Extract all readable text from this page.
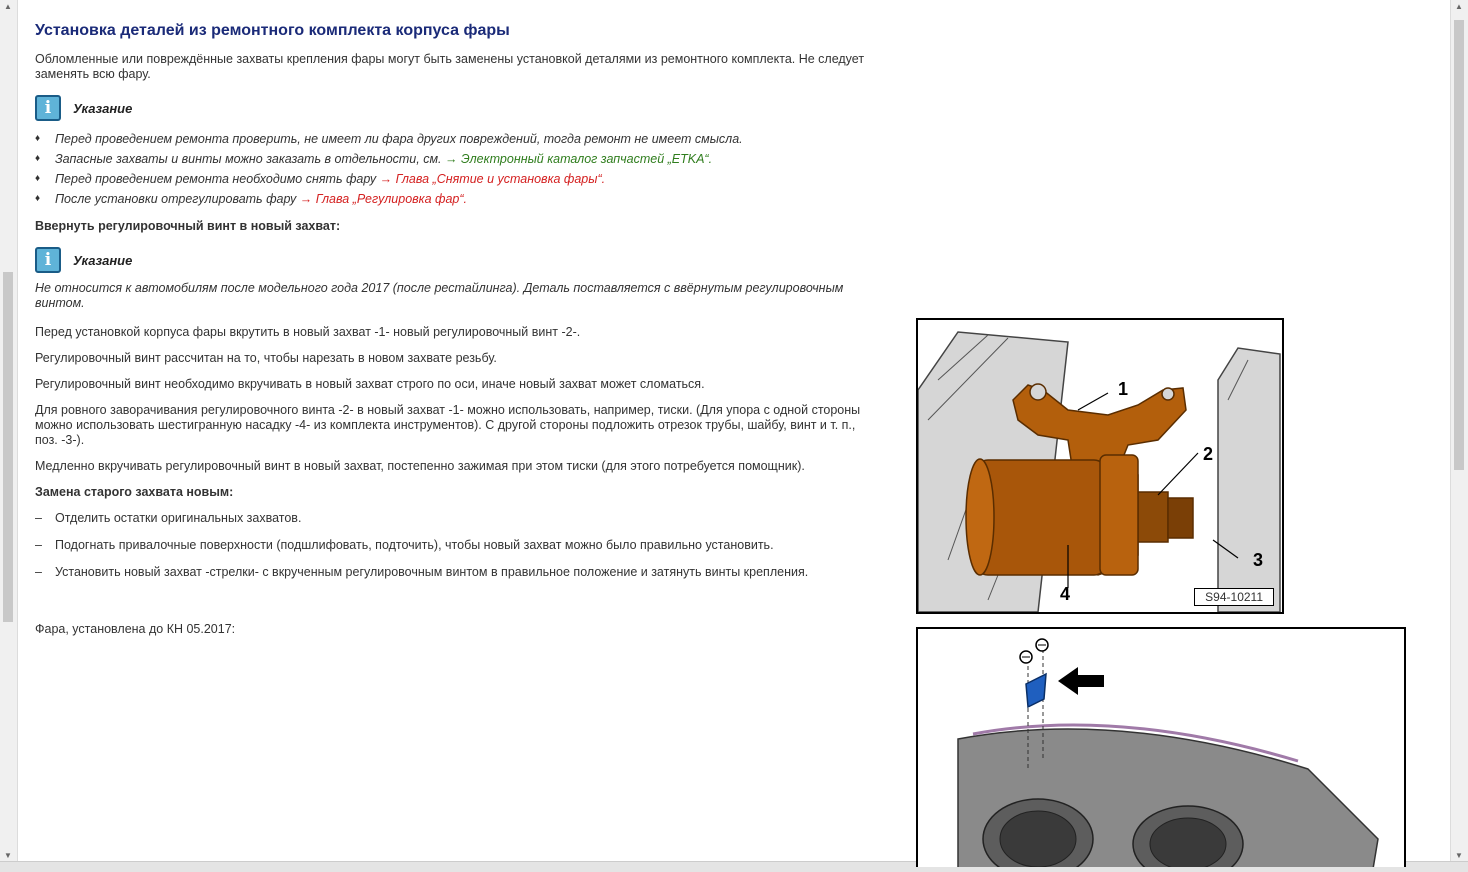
▲
▼
▲
▼
Установка деталей из ремонтного комплекта корпуса фары

Обломленные или повреждённые захваты крепления фары могут быть заменены установкой деталями из ремонтного комплекта. Не следует заменять всю фару.

i	Указание
♦ Перед проведением ремонта проверить, не имеет ли фара других повреждений, тогда ремонт не имеет смысла.
♦ Запасные захваты и винты можно заказать в отдельности, см. → Электронный каталог запчастей „ETKA“.
♦ Перед проведением ремонта необходимо снять фару → Глава „Снятие и установка фары“.
♦ После установки отрегулировать фару → Глава „Регулировка фар“.

Ввернуть регулировочный винт в новый захват:

i	Указание

Не относится к автомобилям после модельного года 2017 (после рестайлинга). Деталь поставляется с ввёрнутым регулировочным винтом.

Перед установкой корпуса фары вкрутить в новый захват -1- новый регулировочный винт -2-.

Регулировочный винт рассчитан на то, чтобы нарезать в новом захвате резьбу.

Регулировочный винт необходимо вкручивать в новый захват строго по оси, иначе новый захват может сломаться.

Для ровного заворачивания регулировочного винта -2- в новый захват -1- можно использовать, например, тиски. (Для упора с одной стороны можно использовать шестигранную насадку -4- из комплекта инструментов). С другой стороны подложить отрезок трубы, шайбу, винт и т. п., поз. -3-).

Медленно вкручивать регулировочный винт в новый захват, постепенно зажимая при этом тиски (для этого потребуется помощник).

Замена старого захвата новым:

– Отделить остатки оригинальных захватов.
– Подогнать привалочные поверхности (подшлифовать, подточить), чтобы новый захват можно было правильно установить.
– Установить новый захват -стрелки- с вкрученным регулировочным винтом в правильное положение и затянуть винты крепления.

Фара, установлена до КН 05.2017:

1
2
3
4	S94-10211
